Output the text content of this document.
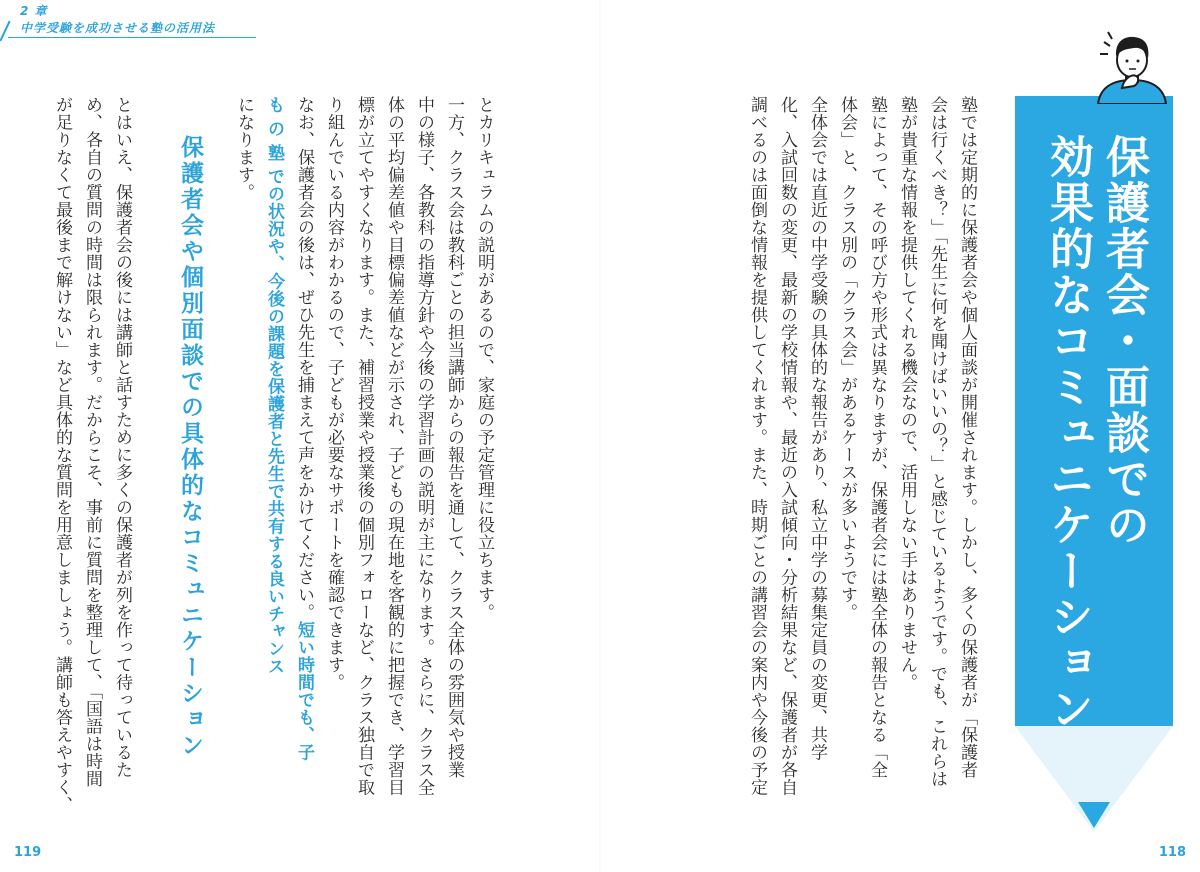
2 章
中学受験を成功させる塾の活用法
とカリキュラムの説明があるので、家庭の予定管理に役立ちます。
一方、クラス会は教科ごとの担当講師からの報告を通して、クラス全体の雰囲気や授業
中の様子、各教科の指導方針や今後の学習計画の説明が主になります。さらに、クラス全
体の平均偏差値や目標偏差値などが示され、子どもの現在地を客観的に把握でき、学習目
標が立てやすくなります。また、補習授業や授業後の個別フォローなど、クラス独自で取
り組んでいる内容がわかるので、子どもが必要なサポートを確認できます。
なお、保護者会の後は、ぜひ先生を捕まえて声をかけてください。短い時間でも、子
も の 塾 での状況や、今後の課題を保護者と先生で共有する良いチャンス
になります。
保護者会や個別面談での具体的なコミュニケーション
とはいえ、保護者会の後には講師と話すために多くの保護者が列を作って待っているた
め、各自の質問の時間は限られます。だからこそ、事前に質問を整理して、「国語は時間
が足りなくて最後まで解けない」など具体的な質問を用意しましょう。講師も答えやすく、
119
塾では定期的に保護者会や個人面談が開催されます。しかし、多くの保護者が「保護者
会は行くべき？」「先生に何を聞けばいいの？」と感じているようです。でも、これらは
塾が貴重な情報を提供してくれる機会なので、活用しない手はありません。
塾によって、その呼び方や形式は異なりますが、保護者会には塾全体の報告となる「全
体会」と、クラス別の「クラス会」があるケースが多いようです。
全体会では直近の中学受験の具体的な報告があり、私立中学の募集定員の変更、共学
化、入試回数の変更、最新の学校情報や、最近の入試傾向・分析結果など、保護者が各自
調べるのは面倒な情報を提供してくれます。また、時期ごとの講習会の案内や今後の予定	保護者会・面談での
効果的なコミュニケーション
118
